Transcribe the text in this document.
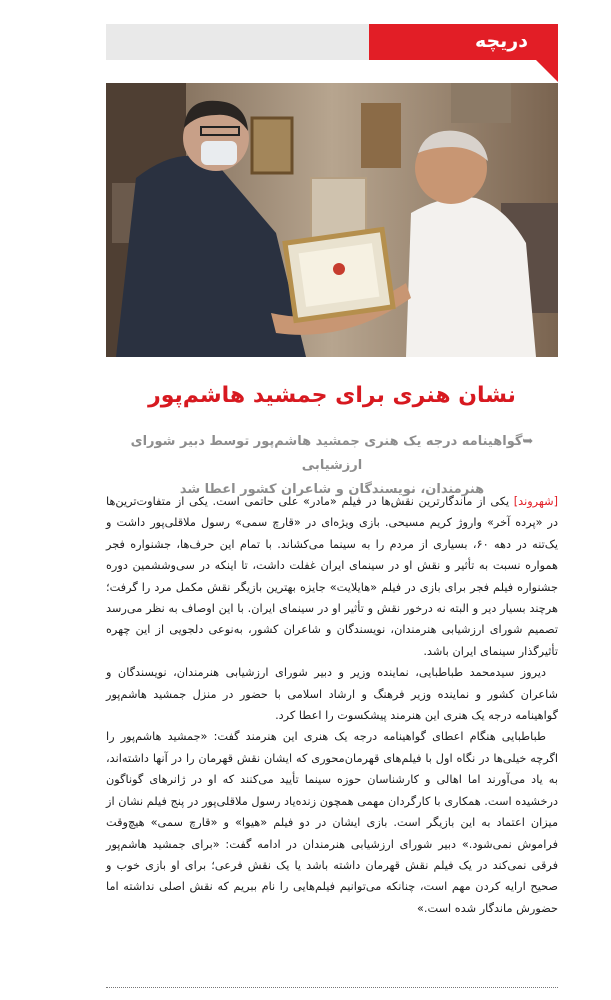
دریچه
نشان هنری برای جمشید هاشم‌پور
➥گواهینامه درجه یک هنری جمشید هاشم‌پور توسط دبیر شورای ارزشیابی
هنرمندان، نویسندگان و شاعران کشور اعطا شد

[شهروند] یکی از ماندگارترین نقش‌ها در فیلم «مادر» علی حاتمی است. یکی از متفاوت‌ترین‌ها در «پرده آخر» واروژ کریم مسیحی. بازی ویژه‌ای در «قارچ سمی» رسول ملاقلی‌پور داشت و یک‌تنه در دهه ۶۰، بسیاری از مردم را به سینما می‌کشاند. با تمام این حرف‌ها، جشنواره فجر همواره نسبت به تأثیر و نقش او در سینمای ایران غفلت داشت، تا اینکه در سی‌وششمین دوره جشنواره فیلم فجر برای بازی در فیلم «هایلایت» جایزه بهترین بازیگر نقش مکمل مرد را گرفت؛ هرچند بسیار دیر و البته نه درخور نقش و تأثیر او در سینمای ایران. با این اوصاف به نظر می‌رسد تصمیم شورای ارزشیابی هنرمندان، نویسندگان و شاعران کشور، به‌نوعی دلجویی از این چهره تأثیرگذار سینمای ایران باشد.

دیروز سیدمحمد طباطبایی، نماینده وزیر و دبیر شورای ارزشیابی هنرمندان، نویسندگان و شاعران کشور و نماینده وزیر فرهنگ و ارشاد اسلامی با حضور در منزل جمشید هاشم‌پور گواهینامه درجه یک هنری این هنرمند پیشکسوت را اعطا کرد.

طباطبایی هنگام اعطای گواهینامه درجه یک هنری این هنرمند گفت: «جمشید هاشم‌پور را اگرچه خیلی‌ها در نگاه اول با فیلم‌های قهرمان‌محوری که ایشان نقش قهرمان را در آنها داشته‌اند، به یاد می‌آورند اما اهالی و کارشناسان حوزه سینما تأیید می‌کنند که او در ژانرهای گوناگون درخشیده است. همکاری با کارگردان مهمی همچون زنده‌یاد رسول ملاقلی‌پور در پنج فیلم نشان از میزان اعتماد به این بازیگر است. بازی ایشان در دو فیلم «هیوا» و «قارچ سمی» هیچ‌وقت فراموش نمی‌شود.» دبیر شورای ارزشیابی هنرمندان در ادامه گفت: «برای جمشید هاشم‌پور فرقی نمی‌کند در یک فیلم نقش قهرمان داشته باشد یا یک نقش فرعی؛ برای او بازی خوب و صحیح ارایه کردن مهم است، چنانکه می‌توانیم فیلم‌هایی را نام ببریم که نقش اصلی نداشته اما حضورش ماندگار شده است.»
